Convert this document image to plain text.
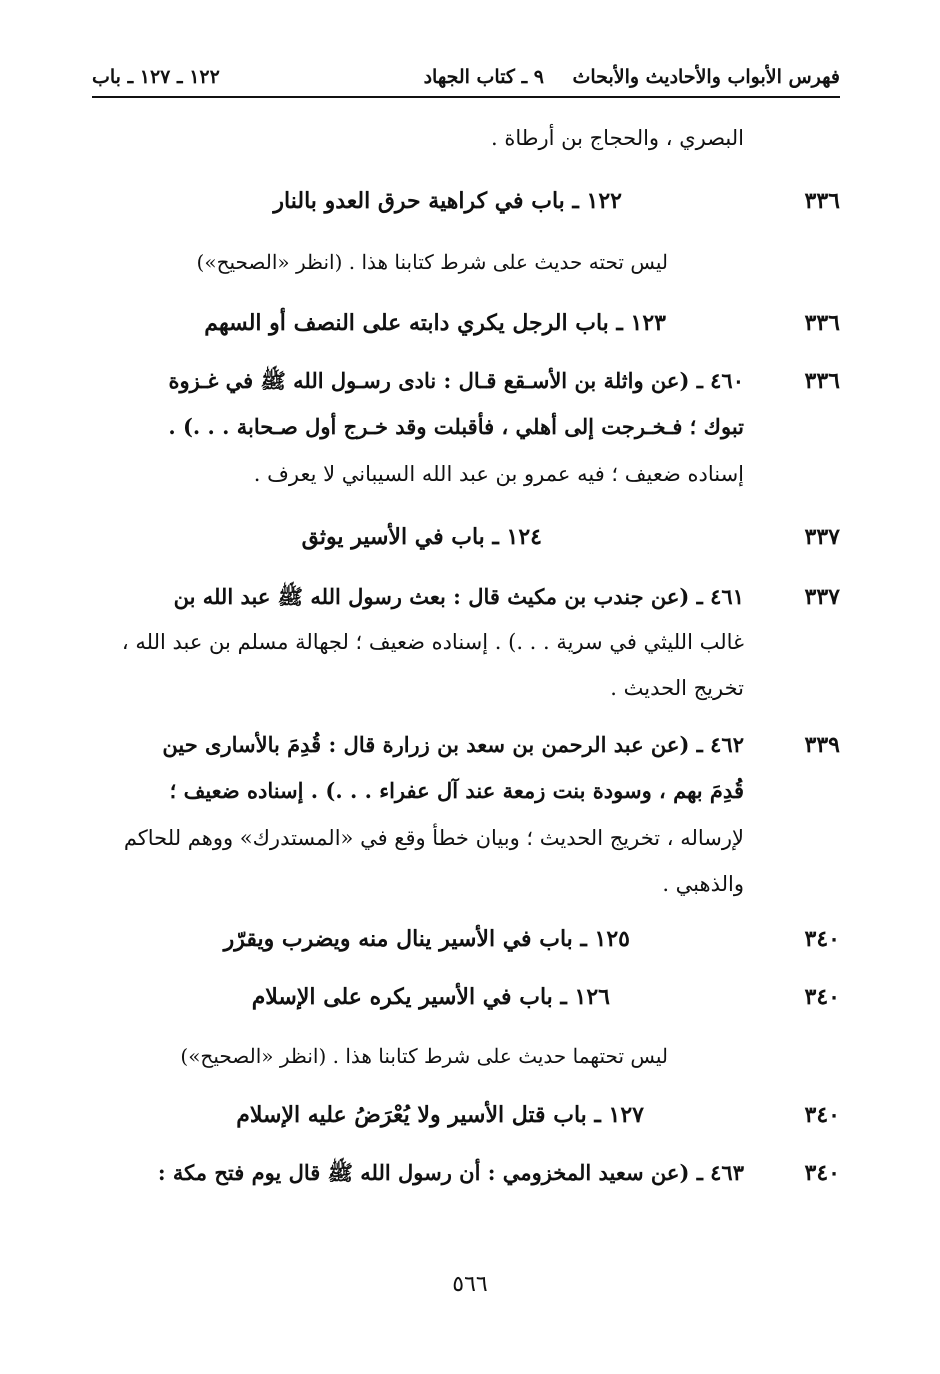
فهرس الأبواب والأحاديث والأبحاث
٩ ـ كتاب الجهاد
١٢٢ ـ ١٢٧ ـ باب
البصري ، والحجاج بن أرطاة .
٣٣٦
١٢٢ ـ باب في كراهية حرق العدو بالنار
ليس تحته حديث على شرط كتابنا هذا . (انظر «الصحيح»)
٣٣٦
١٢٣ ـ باب الرجل يكري دابته على النصف أو السهم
٣٣٦
٤٦٠ ـ (عن واثلة بن الأسـقع قـال : نادى رسـول الله ﷺ في غـزوة
تبوك ؛ فـخـرجت إلى أهلي ، فأقبلت وقد خـرج أول صـحابة . . .) .
إسناده ضعيف ؛ فيه عمرو بن عبد الله السيباني لا يعرف .
٣٣٧
١٢٤ ـ باب في الأسير يوثق
٣٣٧
٤٦١ ـ (عن جندب بن مكيث قال : بعث رسول الله ﷺ عبد الله بن
غالب الليثي في سرية . . .) . إسناده ضعيف ؛ لجهالة مسلم بن عبد الله ،
تخريج الحديث .
٣٣٩
٤٦٢ ـ (عن عبد الرحمن بن سعد بن زرارة قال : قُدِمَ بالأسارى حين
قُدِمَ بهم ، وسودة بنت زمعة عند آل عفراء . . .) . إسناده ضعيف ؛
لإرساله ، تخريج الحديث ؛ وبيان خطأ وقع في «المستدرك» ووهم للحاكم
والذهبي .
٣٤٠
١٢٥ ـ باب في الأسير ينال منه ويضرب ويقرّر
٣٤٠
١٢٦ ـ باب في الأسير يكره على الإسلام
ليس تحتهما حديث على شرط كتابنا هذا . (انظر «الصحيح»)
٣٤٠
١٢٧ ـ باب قتل الأسير ولا يُعْرَضُ عليه الإسلام
٣٤٠
٤٦٣ ـ (عن سعيد المخزومي : أن رسول الله ﷺ قال يوم فتح مكة :
٥٦٦
